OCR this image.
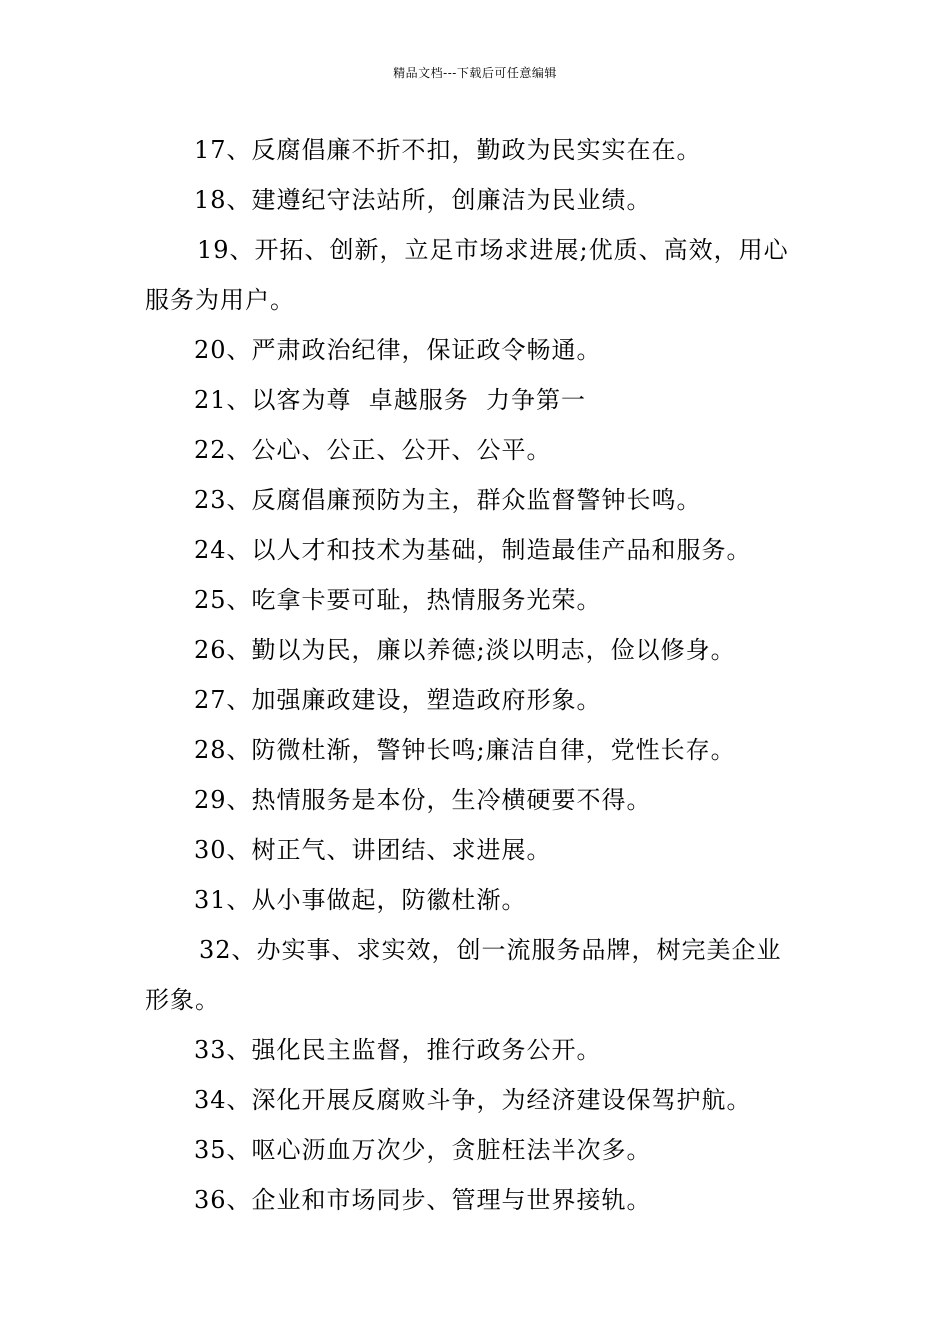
精品文档---下载后可任意编辑
17、反腐倡廉不折不扣，勤政为民实实在在。
18、建遵纪守法站所，创廉洁为民业绩。
19、开拓、创新，立足市场求进展;优质、高效，用心
服务为用户。
20、严肃政治纪律，保证政令畅通。
21、以客为尊  卓越服务  力争第一
22、公心、公正、公开、公平。
23、反腐倡廉预防为主，群众监督警钟长鸣。
24、以人才和技术为基础，制造最佳产品和服务。
25、吃拿卡要可耻，热情服务光荣。
26、勤以为民，廉以养德;淡以明志，俭以修身。
27、加强廉政建设，塑造政府形象。
28、防微杜渐，警钟长鸣;廉洁自律，党性长存。
29、热情服务是本份，生冷横硬要不得。
30、树正气、讲团结、求进展。
31、从小事做起，防徽杜渐。
32、办实事、求实效，创一流服务品牌，树完美企业
形象。
33、强化民主监督，推行政务公开。
34、深化开展反腐败斗争，为经济建设保驾护航。
35、呕心沥血万次少，贪脏枉法半次多。
36、企业和市场同步、管理与世界接轨。
